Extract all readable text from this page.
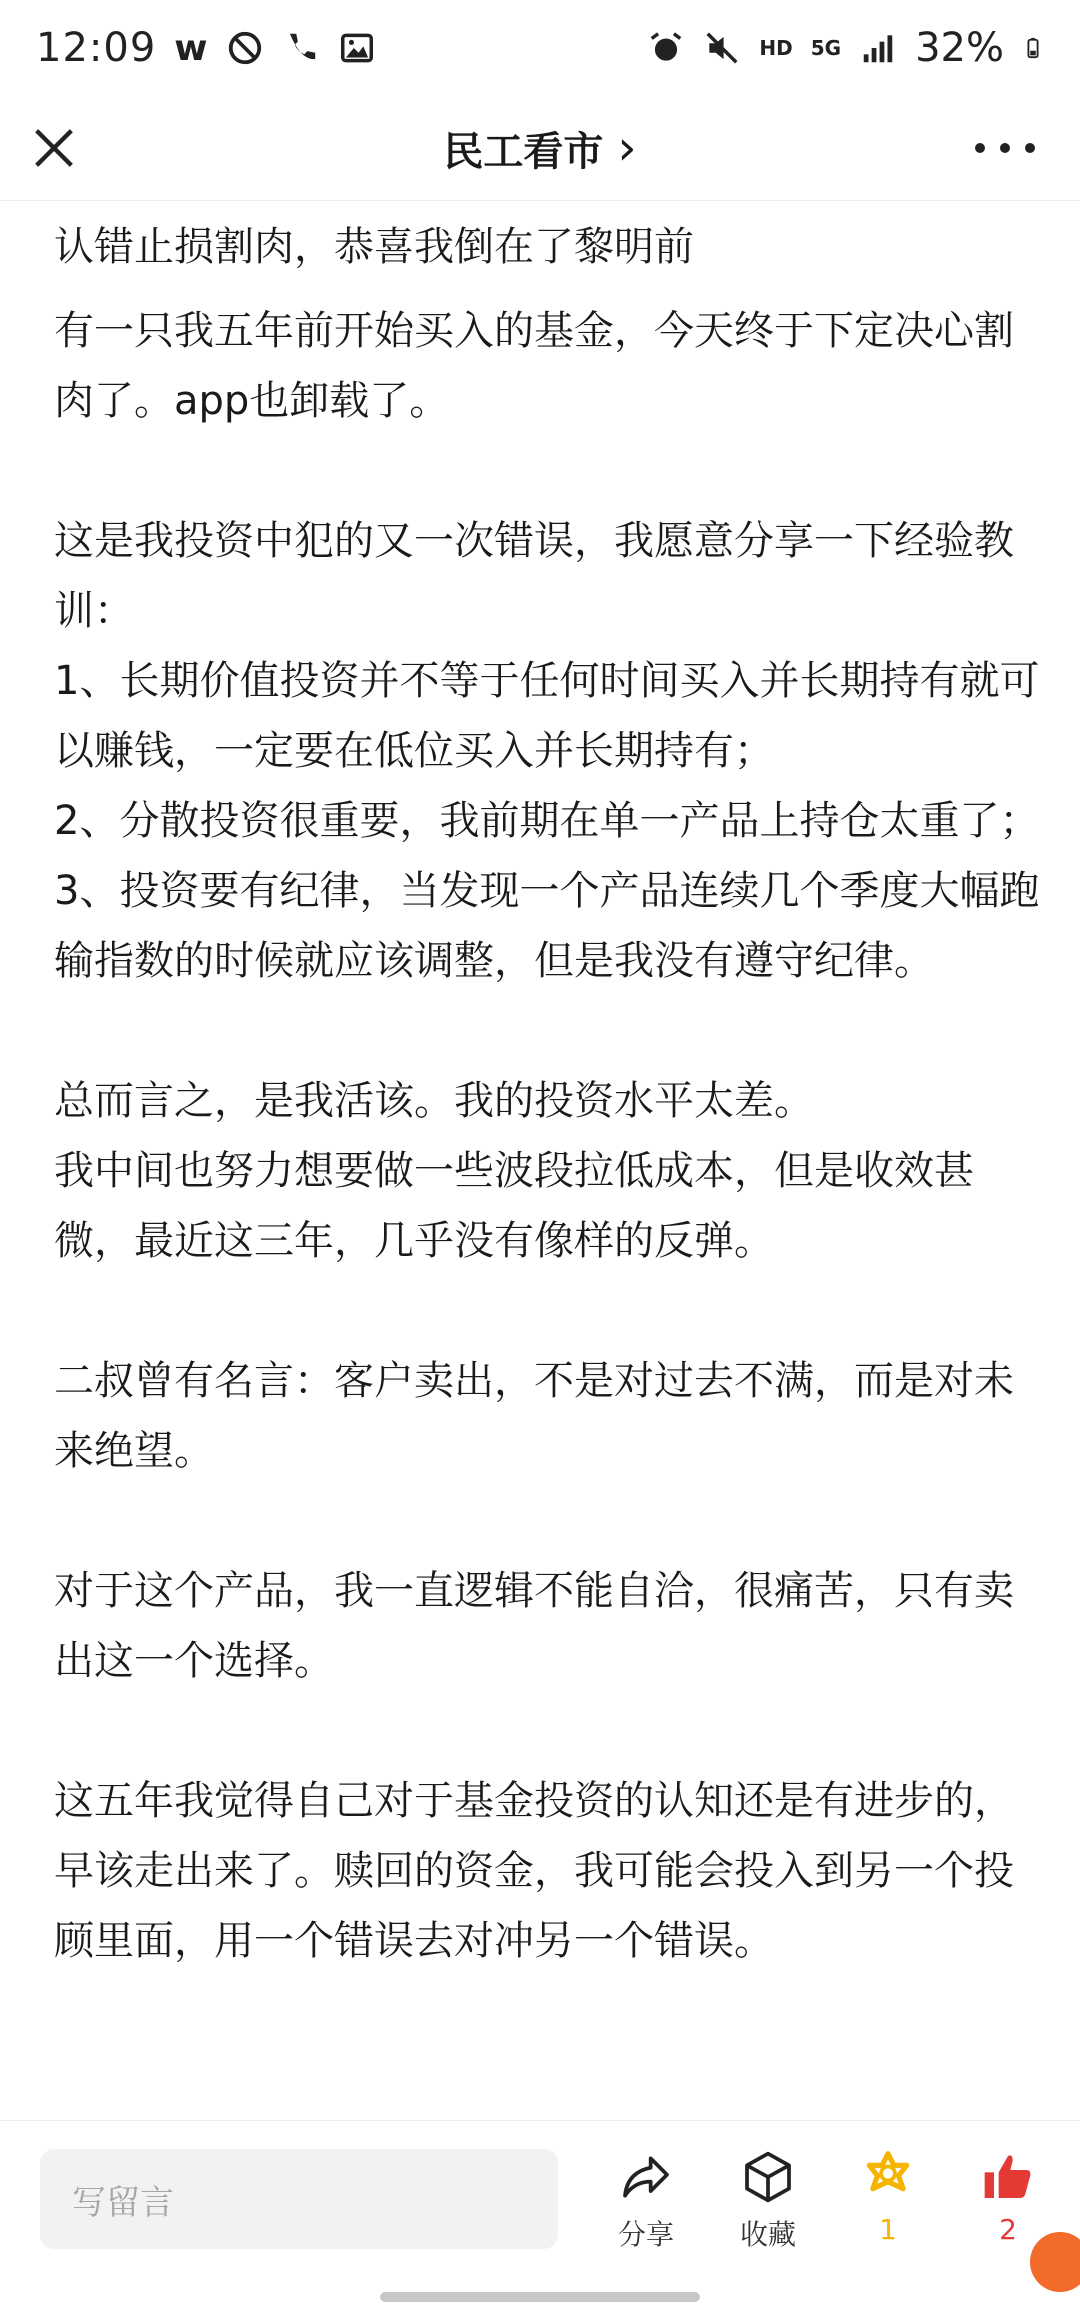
12:09 w	HD 5G 32%
民工看市 ›

认错止损割肉，恭喜我倒在了黎明前

有一只我五年前开始买入的基金，今天终于下定决心割肉了。app也卸载了。

这是我投资中犯的又一次错误，我愿意分享一下经验教训：

1、长期价值投资并不等于任何时间买入并长期持有就可以赚钱，一定要在低位买入并长期持有；

2、分散投资很重要，我前期在单一产品上持仓太重了；

3、投资要有纪律，当发现一个产品连续几个季度大幅跑输指数的时候就应该调整，但是我没有遵守纪律。

总而言之，是我活该。我的投资水平太差。

我中间也努力想要做一些波段拉低成本，但是收效甚微，最近这三年，几乎没有像样的反弹。

二叔曾有名言：客户卖出，不是对过去不满，而是对未来绝望。

对于这个产品，我一直逻辑不能自洽，很痛苦，只有卖出这一个选择。

这五年我觉得自己对于基金投资的认知还是有进步的，早该走出来了。赎回的资金，我可能会投入到另一个投顾里面，用一个错误去对冲另一个错误。

写留言
分享 收藏	1	2
